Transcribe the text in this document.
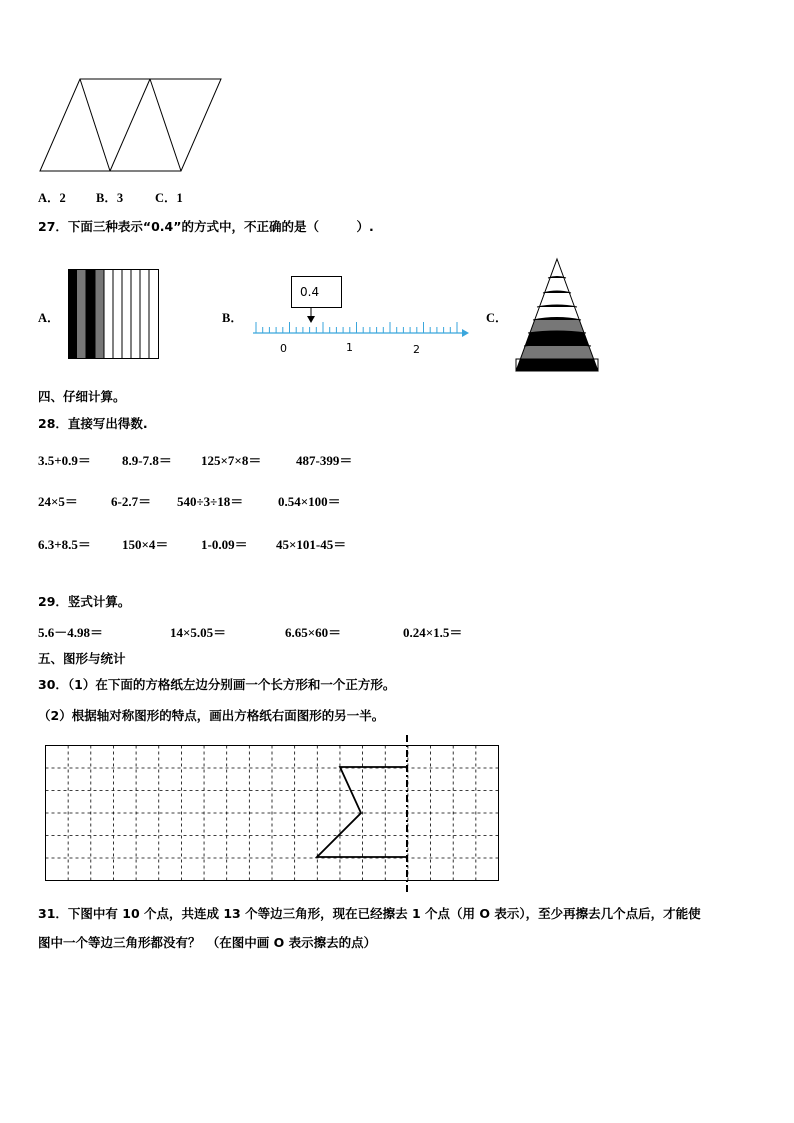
A．2 B．3	C．1
27．下面三种表示“0.4”的方式中，不正确的是（　　　）.
A．	B．
0.4
0	1	2
C．
四、仔细计算。
28．直接写出得数.
3.5+0.9＝ 8.9-7.8＝ 125×7×8＝	487-399＝
24×5＝	6-2.7＝ 540÷3÷18＝	0.54×100＝
6.3+8.5＝ 150×4＝	1-0.09＝ 45×101-45＝
29．竖式计算。
5.6－4.98＝	14×5.05＝	6.65×60＝	0.24×1.5＝
五、图形与统计
30．（1）在下面的方格纸左边分别画一个长方形和一个正方形。
（2）根据轴对称图形的特点，画出方格纸右面图形的另一半。
31．下图中有 10 个点，共连成 13 个等边三角形，现在已经擦去 1 个点（用 O 表示），至少再擦去几个点后，才能使
图中一个等边三角形都没有？　（在图中画 O 表示擦去的点）
